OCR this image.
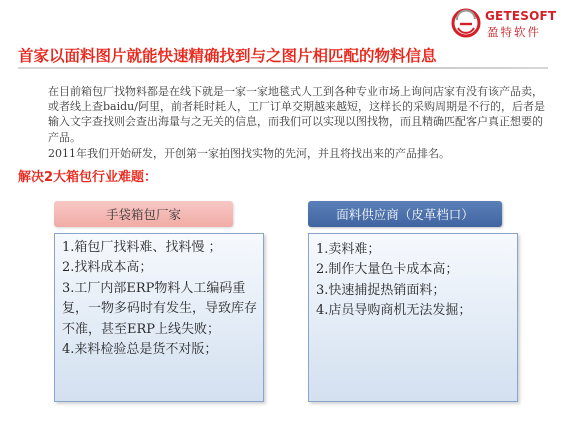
GETESOFT
盈特软件
首家以面料图片就能快速精确找到与之图片相匹配的物料信息

在目前箱包厂找物料都是在线下就是一家一家地毯式人工到各种专业市场上询问店家有没有该产品卖，或者线上查baidu/阿里，前者耗时耗人，工厂订单交期越来越短，这样长的采购周期是不行的，后者是输入文字查找则会查出海量与之无关的信息，而我们可以实现以图找物，而且精确匹配客户真正想要的产品。

2011年我们开始研发，开创第一家拍图找实物的先河，并且将找出来的产品排名。

解决2大箱包行业难题：
手袋箱包厂家	面料供应商（皮革档口）
1.箱包厂找料难、找料慢 ；
2.找料成本高；
3.工厂内部ERP物料人工编码重复，一物多码时有发生，导致库存不准，甚至ERP上线失败；
4.来料检验总是货不对版；
1.卖料难；
2.制作大量色卡成本高；
3.快速捕捉热销面料；
4.店员导购商机无法发掘；
